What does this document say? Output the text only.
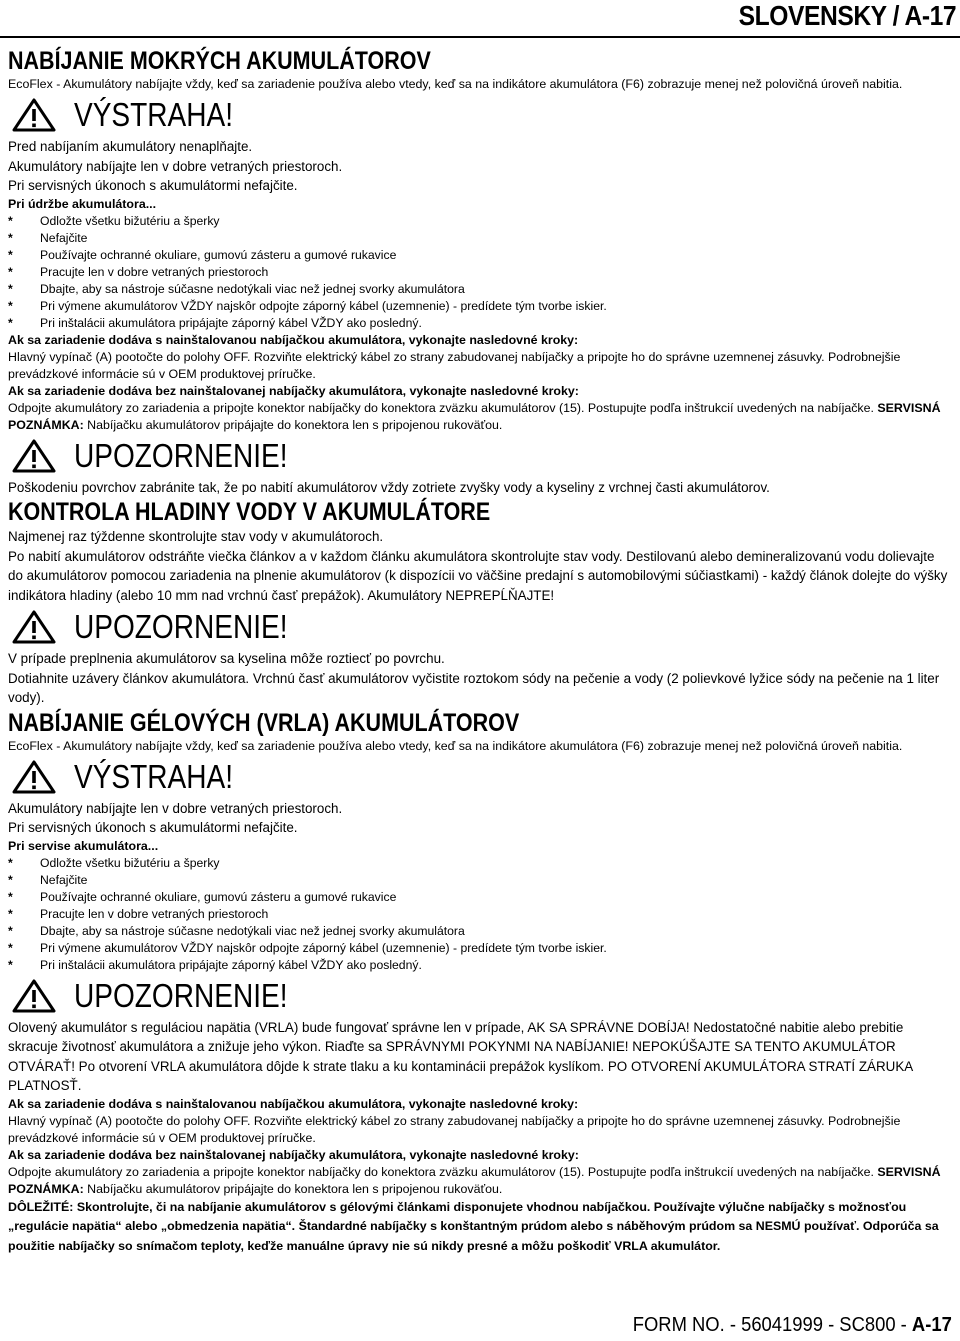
SLOVENSKY / A-17
NABÍJANIE MOKRÝCH AKUMULÁTOROV

EcoFlex - Akumulátory nabíjajte vždy, keď sa zariadenie používa alebo vtedy, keď sa na indikátore akumulátora (F6) zobrazuje menej než polovičná úroveň nabitia.

VÝSTRAHA!

Pred nabíjaním akumulátory nenaplňajte.

Akumulátory nabíjajte len v dobre vetraných priestoroch.

Pri servisných úkonoch s akumulátormi nefajčite.

Pri údržbe akumulátora...

*	Odložte všetku bižutériu a šperky
*	Nefajčite
*	Používajte ochranné okuliare, gumovú zásteru a gumové rukavice
*	Pracujte len v dobre vetraných priestoroch
*	Dbajte, aby sa nástroje súčasne nedotýkali viac než jednej svorky akumulátora
*	Pri výmene akumulátorov VŽDY najskôr odpojte záporný kábel (uzemnenie) - predídete tým tvorbe iskier.
*	Pri inštalácii akumulátora pripájajte záporný kábel VŽDY ako posledný.

Ak sa zariadenie dodáva s nainštalovanou nabíjačkou akumulátora, vykonajte nasledovné kroky:

Hlavný vypínač (A) pootočte do polohy OFF. Rozviňte elektrický kábel zo strany zabudovanej nabíjačky a pripojte ho do správne uzemnenej zásuvky. Podrobnejšie prevádzkové informácie sú v OEM produktovej príručke.

Ak sa zariadenie dodáva bez nainštalovanej nabíjačky akumulátora, vykonajte nasledovné kroky:

Odpojte akumulátory zo zariadenia a pripojte konektor nabíjačky do konektora zväzku akumulátorov (15). Postupujte podľa inštrukcií uvedených na nabíjačke. SERVISNÁ POZNÁMKA: Nabíjačku akumulátorov pripájajte do konektora len s pripojenou rukoväťou.

UPOZORNENIE!

Poškodeniu povrchov zabránite tak, že po nabití akumulátorov vždy zotriete zvyšky vody a kyseliny z vrchnej časti akumulátorov.

KONTROLA HLADINY VODY V AKUMULÁTORE

Najmenej raz týždenne skontrolujte stav vody v akumulátoroch.

Po nabití akumulátorov odstráňte viečka článkov a v každom článku akumulátora skontrolujte stav vody. Destilovanú alebo demineralizovanú vodu dolievajte do akumulátorov pomocou zariadenia na plnenie akumulátorov (k dispozícii vo väčšine predajní s automobilovými súčiastkami) - každý článok dolejte do výšky indikátora hladiny (alebo 10 mm nad vrchnú časť prepážok). Akumulátory NEPREPĹŇAJTE!

UPOZORNENIE!

V prípade preplnenia akumulátorov sa kyselina môže roztiecť po povrchu.

Dotiahnite uzávery článkov akumulátora. Vrchnú časť akumulátorov vyčistite roztokom sódy na pečenie a vody (2 polievkové lyžice sódy na pečenie na 1 liter vody).

NABÍJANIE GÉLOVÝCH (VRLA) AKUMULÁTOROV

EcoFlex - Akumulátory nabíjajte vždy, keď sa zariadenie používa alebo vtedy, keď sa na indikátore akumulátora (F6) zobrazuje menej než polovičná úroveň nabitia.

VÝSTRAHA!

Akumulátory nabíjajte len v dobre vetraných priestoroch.

Pri servisných úkonoch s akumulátormi nefajčite.

Pri servise akumulátora...

*	Odložte všetku bižutériu a šperky
*	Nefajčite
*	Používajte ochranné okuliare, gumovú zásteru a gumové rukavice
*	Pracujte len v dobre vetraných priestoroch
*	Dbajte, aby sa nástroje súčasne nedotýkali viac než jednej svorky akumulátora
*	Pri výmene akumulátorov VŽDY najskôr odpojte záporný kábel (uzemnenie) - predídete tým tvorbe iskier.
*	Pri inštalácii akumulátora pripájajte záporný kábel VŽDY ako posledný.
UPOZORNENIE!

Olovený akumulátor s reguláciou napätia (VRLA) bude fungovať správne len v prípade, AK SA SPRÁVNE DOBÍJA! Nedostatočné nabitie alebo prebitie skracuje životnosť akumulátora a znižuje jeho výkon. Riaďte sa SPRÁVNYMI POKYNMI NA NABÍJANIE! NEPOKÚŠAJTE SA TENTO AKUMULÁTOR OTVÁRAŤ! Po otvorení VRLA akumulátora dôjde k strate tlaku a ku kontaminácii prepážok kyslíkom. PO OTVORENÍ AKUMULÁTORA STRATÍ ZÁRUKA PLATNOSŤ.

Ak sa zariadenie dodáva s nainštalovanou nabíjačkou akumulátora, vykonajte nasledovné kroky:

Hlavný vypínač (A) pootočte do polohy OFF. Rozviňte elektrický kábel zo strany zabudovanej nabíjačky a pripojte ho do správne uzemnenej zásuvky. Podrobnejšie prevádzkové informácie sú v OEM produktovej príručke.

Ak sa zariadenie dodáva bez nainštalovanej nabíjačky akumulátora, vykonajte nasledovné kroky:

Odpojte akumulátory zo zariadenia a pripojte konektor nabíjačky do konektora zväzku akumulátorov (15). Postupujte podľa inštrukcií uvedených na nabíjačke. SERVISNÁ POZNÁMKA: Nabíjačku akumulátorov pripájajte do konektora len s pripojenou rukoväťou.

DÔLEŽITÉ: Skontrolujte, či na nabíjanie akumulátorov s gélovými článkami disponujete vhodnou nabíjačkou. Používajte výlučne nabíjačky s možnosťou „regulácie napätia“ alebo „obmedzenia napätia“. Štandardné nabíjačky s konštantným prúdom alebo s náběhovým prúdom sa NESMÚ používať. Odporúča sa použitie nabíjačky so snímačom teploty, keďže manuálne úpravy nie sú nikdy presné a môžu poškodiť VRLA akumulátor.

FORM NO. - 56041999 - SC800 - A-17
